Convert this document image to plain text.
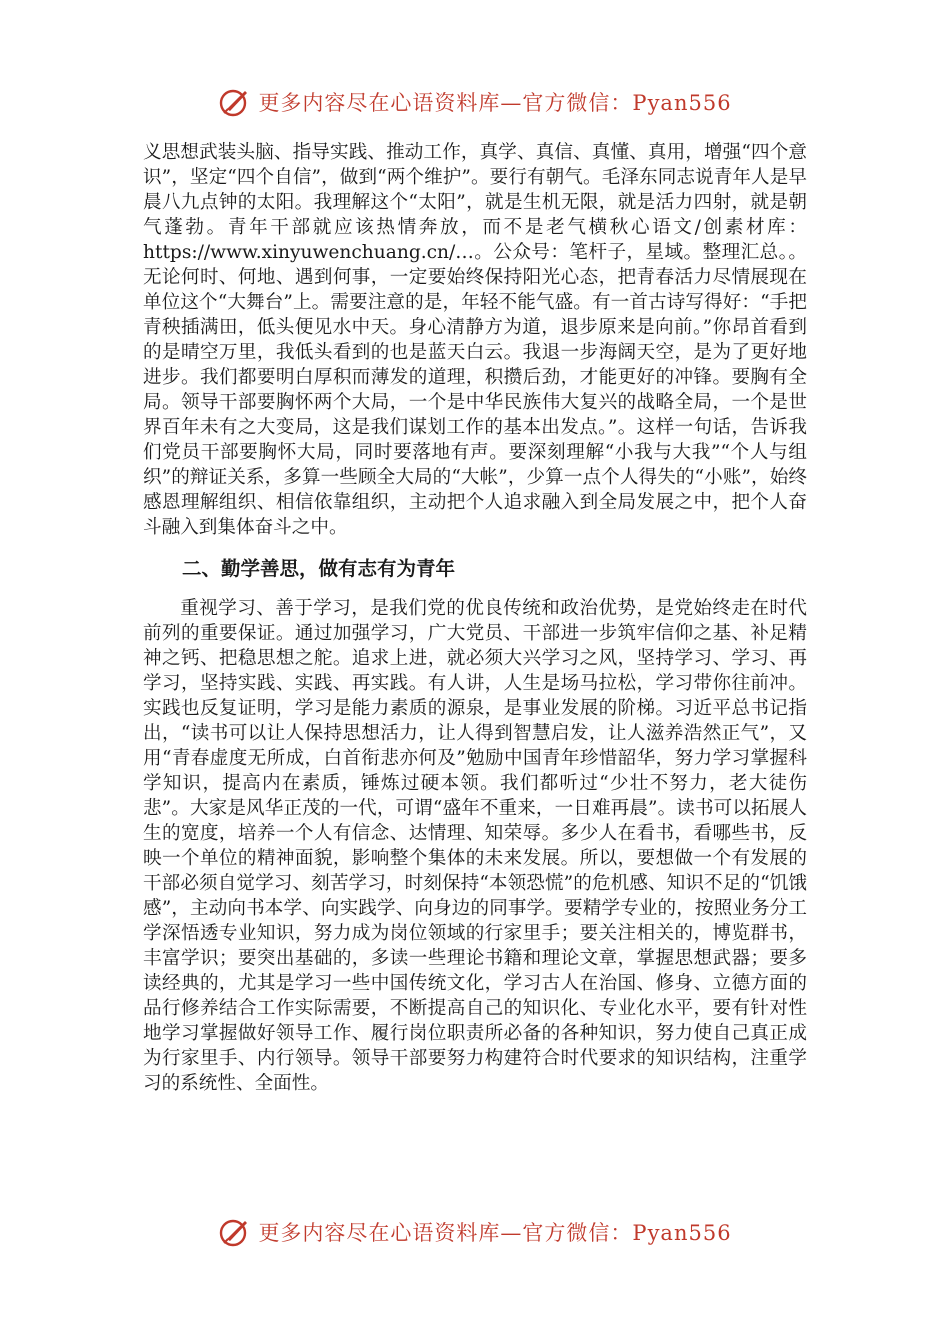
更多内容尽在心语资料库—官方微信：Pyan556

义思想武装头脑、指导实践、推动工作，真学、真信、真懂、真用，增强“四个意识”，坚定“四个自信”，做到“两个维护”。要行有朝气。毛泽东同志说青年人是早晨八九点钟的太阳。我理解这个“太阳”，就是生机无限，就是活力四射，就是朝气蓬勃。青年干部就应该热情奔放，而不是老气横秋心语文/创素材库：https://www.xinyuwenchuang.cn/…。公众号：笔杆子，星域。整理汇总。。无论何时、何地、遇到何事，一定要始终保持阳光心态，把青春活力尽情展现在单位这个“大舞台”上。需要注意的是，年轻不能气盛。有一首古诗写得好：“手把青秧插满田，低头便见水中天。身心清静方为道，退步原来是向前。”你昂首看到的是晴空万里，我低头看到的也是蓝天白云。我退一步海阔天空，是为了更好地进步。我们都要明白厚积而薄发的道理，积攒后劲，才能更好的冲锋。要胸有全局。领导干部要胸怀两个大局，一个是中华民族伟大复兴的战略全局，一个是世界百年未有之大变局，这是我们谋划工作的基本出发点。”。这样一句话，告诉我们党员干部要胸怀大局，同时要落地有声。要深刻理解“小我与大我”“个人与组织”的辩证关系，多算一些顾全大局的“大帐”，少算一点个人得失的“小账”，始终感恩理解组织、相信依靠组织，主动把个人追求融入到全局发展之中，把个人奋斗融入到集体奋斗之中。

二、勤学善思，做有志有为青年

重视学习、善于学习，是我们党的优良传统和政治优势，是党始终走在时代前列的重要保证。通过加强学习，广大党员、干部进一步筑牢信仰之基、补足精神之钙、把稳思想之舵。追求上进，就必须大兴学习之风，坚持学习、学习、再学习，坚持实践、实践、再实践。有人讲，人生是场马拉松，学习带你往前冲。实践也反复证明，学习是能力素质的源泉，是事业发展的阶梯。习近平总书记指出，“读书可以让人保持思想活力，让人得到智慧启发，让人滋养浩然正气”，又用“青春虚度无所成，白首衔悲亦何及”勉励中国青年珍惜韶华，努力学习掌握科学知识，提高内在素质，锤炼过硬本领。我们都听过“少壮不努力，老大徒伤悲”。大家是风华正茂的一代，可谓“盛年不重来，一日难再晨”。读书可以拓展人生的宽度，培养一个人有信念、达情理、知荣辱。多少人在看书，看哪些书，反映一个单位的精神面貌，影响整个集体的未来发展。所以，要想做一个有发展的干部必须自觉学习、刻苦学习，时刻保持“本领恐慌”的危机感、知识不足的“饥饿感”，主动向书本学、向实践学、向身边的同事学。要精学专业的，按照业务分工学深悟透专业知识，努力成为岗位领域的行家里手；要关注相关的，博览群书，丰富学识；要突出基础的，多读一些理论书籍和理论文章，掌握思想武器；要多读经典的，尤其是学习一些中国传统文化，学习古人在治国、修身、立德方面的品行修养结合工作实际需要，不断提高自己的知识化、专业化水平，要有针对性地学习掌握做好领导工作、履行岗位职责所必备的各种知识，努力使自己真正成为行家里手、内行领导。领导干部要努力构建符合时代要求的知识结构，注重学习的系统性、全面性。

更多内容尽在心语资料库—官方微信：Pyan556
